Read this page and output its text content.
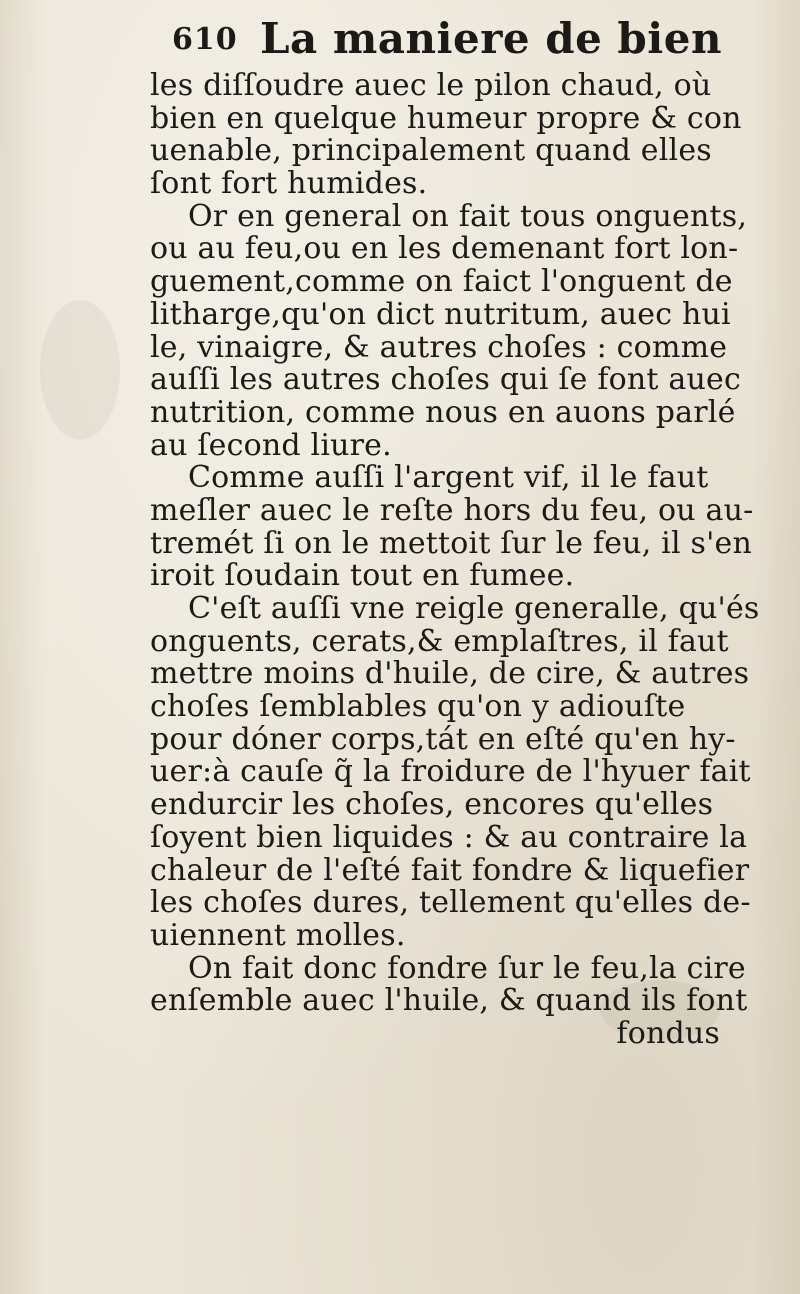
610 La maniere de bien
les diſſoudre auec le pilon chaud, où
bien en quelque humeur propre & con
uenable, principalement quand elles
ſont fort humides.
Or en general on fait tous onguents,
ou au feu,ou en les demenant fort lon-
guement,comme on faict l'onguent de
litharge,qu'on dict nutritum, auec hui
le, vinaigre, & autres choſes : comme
auſſi les autres choſes qui ſe font auec
nutrition, comme nous en auons parlé
au ſecond liure.
Comme auſſi l'argent vif, il le faut
meſler auec le reſte hors du feu, ou au-
tremét ſi on le mettoit ſur le feu, il s'en
iroit ſoudain tout en fumee.
C'eſt auſſi vne reigle generalle, qu'és
onguents, cerats,& emplaſtres, il faut
mettre moins d'huile, de cire, & autres
choſes ſemblables qu'on y adiouſte
pour dóner corps,tát en eſté qu'en hy-
uer:à cauſe q̃ la froidure de l'hyuer fait
endurcir les choſes, encores qu'elles
ſoyent bien liquides : & au contraire la
chaleur de l'eſté fait fondre & liquefier
les choſes dures, tellement qu'elles de-
uiennent molles.
On fait donc fondre ſur le feu,la cire
enſemble auec l'huile, & quand ils font
fondus
